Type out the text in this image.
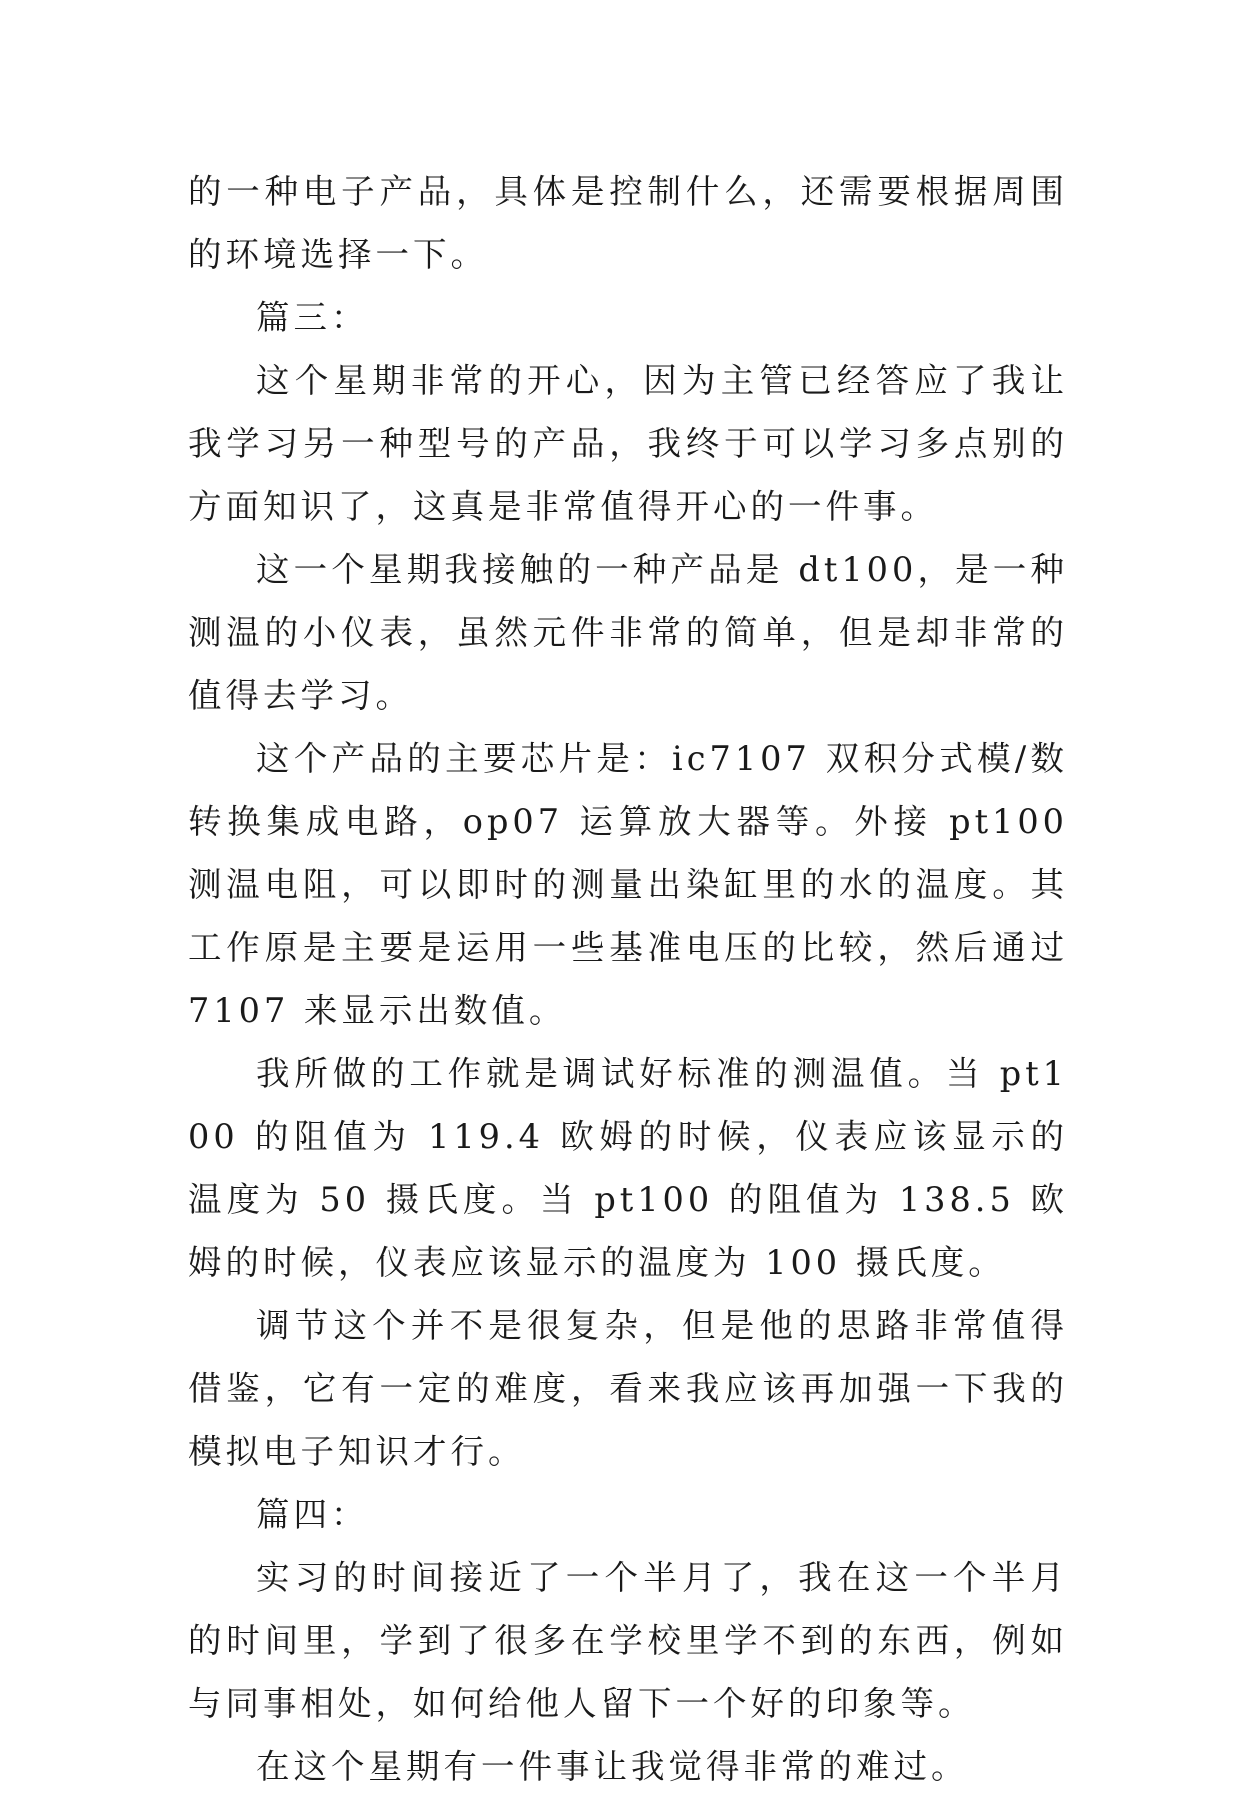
的一种电子产品，具体是控制什么，还需要根据周围的环境选择一下。

篇三：

这个星期非常的开心，因为主管已经答应了我让我学习另一种型号的产品，我终于可以学习多点别的方面知识了，这真是非常值得开心的一件事。

这一个星期我接触的一种产品是 dt100，是一种测温的小仪表，虽然元件非常的简单，但是却非常的值得去学习。

这个产品的主要芯片是：ic7107 双积分式模/数转换集成电路，op07 运算放大器等。外接 pt100 测温电阻，可以即时的测量出染缸里的水的温度。其工作原是主要是运用一些基准电压的比较，然后通过 7107 来显示出数值。

我所做的工作就是调试好标准的测温值。当 pt100 的阻值为 119.4 欧姆的时候，仪表应该显示的温度为 50 摄氏度。当 pt100 的阻值为 138.5 欧姆的时候，仪表应该显示的温度为 100 摄氏度。

调节这个并不是很复杂，但是他的思路非常值得借鉴，它有一定的难度，看来我应该再加强一下我的模拟电子知识才行。

篇四：

实习的时间接近了一个半月了，我在这一个半月的时间里，学到了很多在学校里学不到的东西，例如与同事相处，如何给他人留下一个好的印象等。

在这个星期有一件事让我觉得非常的难过。
